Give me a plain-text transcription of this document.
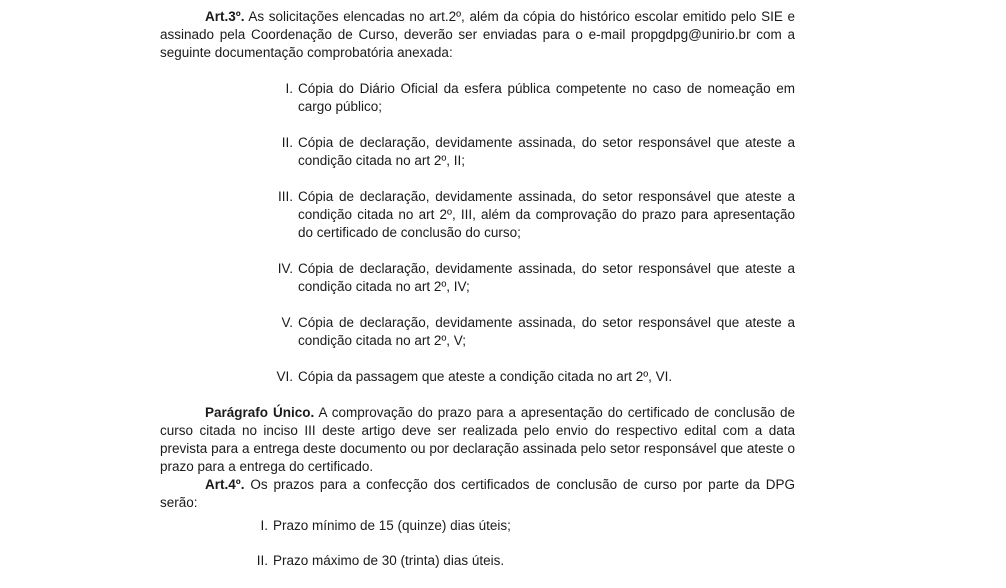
Art.3º. As solicitações elencadas no art.2º, além da cópia do histórico escolar emitido pelo SIE e assinado pela Coordenação de Curso, deverão ser enviadas para o e-mail propgdpg@unirio.br com a seguinte documentação comprobatória anexada:

I. Cópia do Diário Oficial da esfera pública competente no caso de nomeação em cargo público;
II. Cópia de declaração, devidamente assinada, do setor responsável que ateste a condição citada no art 2º, II;
III. Cópia de declaração, devidamente assinada, do setor responsável que ateste a condição citada no art 2º, III, além da comprovação do prazo para apresentação do certificado de conclusão do curso;
IV. Cópia de declaração, devidamente assinada, do setor responsável que ateste a condição citada no art 2º, IV;
V. Cópia de declaração, devidamente assinada, do setor responsável que ateste a condição citada no art 2º, V;
VI. Cópia da passagem que ateste a condição citada no art 2º, VI.

Parágrafo Único. A comprovação do prazo para a apresentação do certificado de conclusão de curso citada no inciso III deste artigo deve ser realizada pelo envio do respectivo edital com a data prevista para a entrega deste documento ou por declaração assinada pelo setor responsável que ateste o prazo para a entrega do certificado.

Art.4º. Os prazos para a confecção dos certificados de conclusão de curso por parte da DPG serão:

I. Prazo mínimo de 15 (quinze) dias úteis;
II. Prazo máximo de 30 (trinta) dias úteis.
